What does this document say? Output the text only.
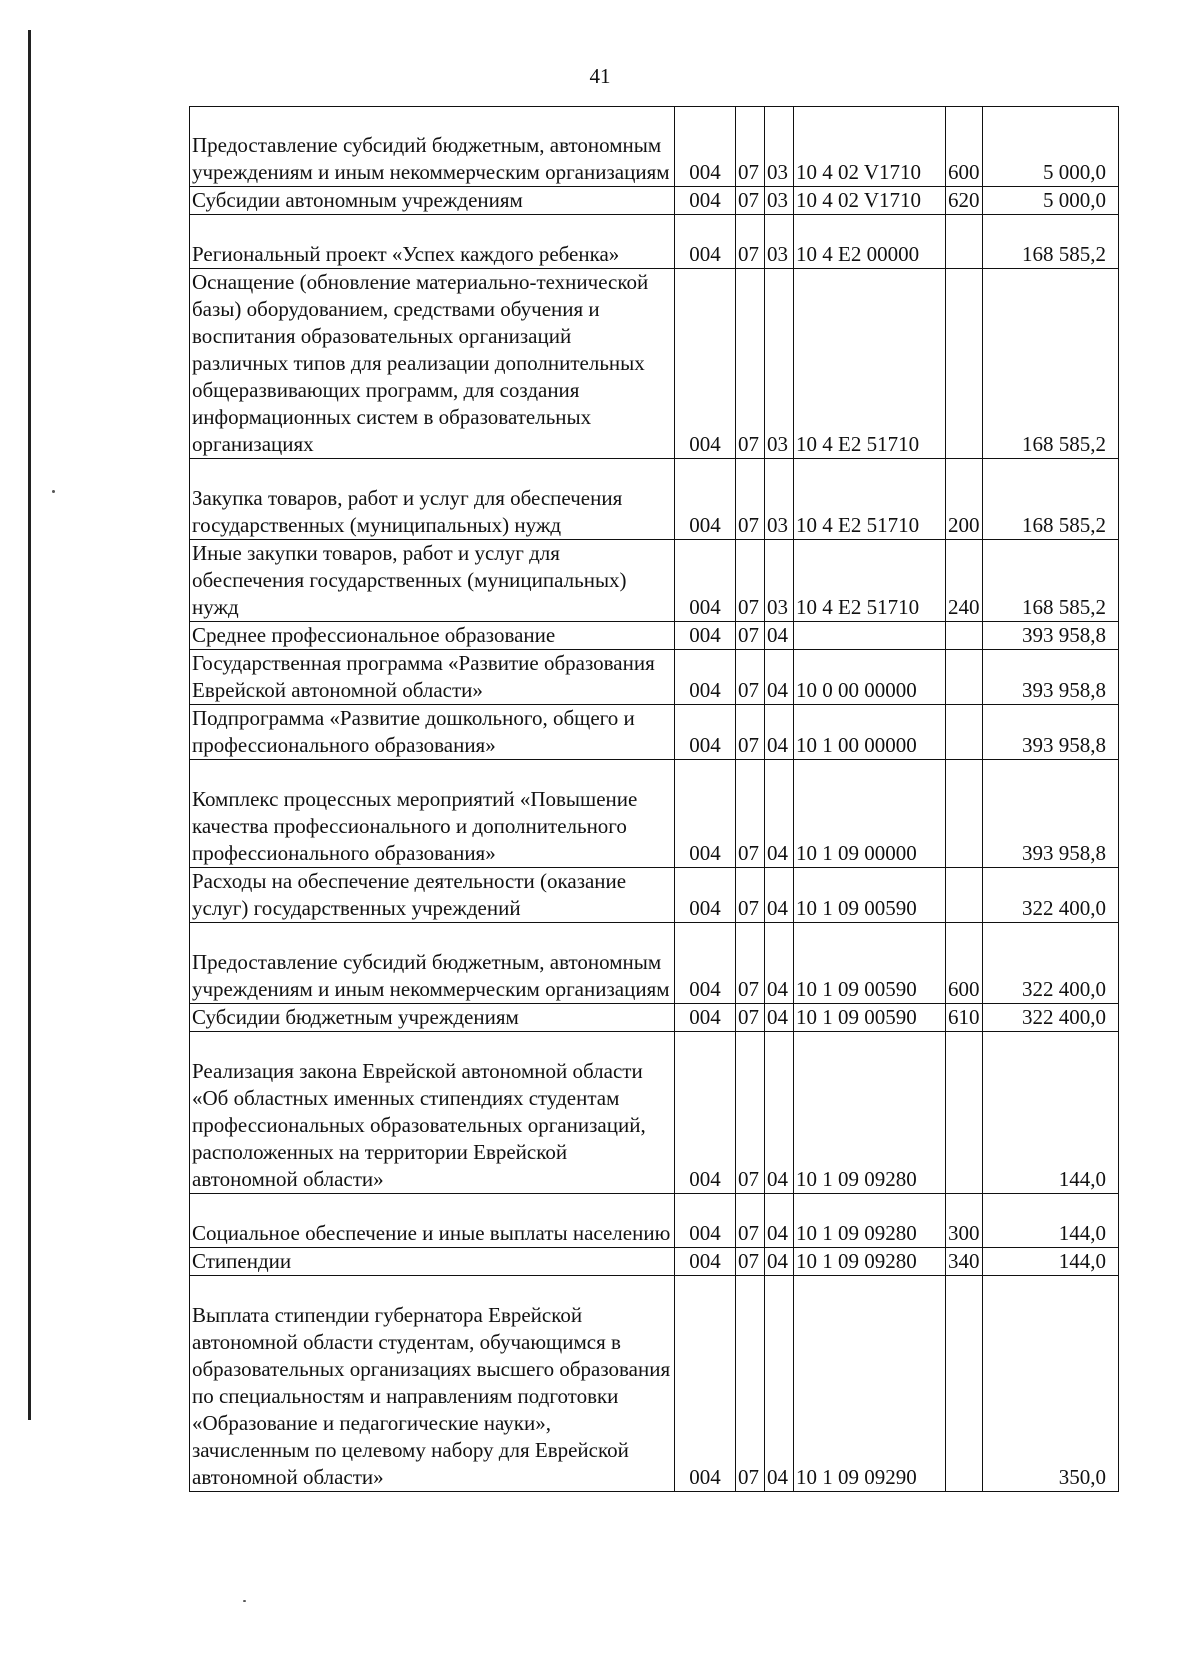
41
Предоставление субсидий бюджетным, автономным учреждениям и иным некоммерческим организациям	004	07	03	10 4 02 V1710	600	5 000,0
Субсидии автономным учреждениям	004	07	03	10 4 02 V1710	620	5 000,0
Региональный проект «Успех каждого ребенка»	004	07	03	10 4 E2 00000		168 585,2
Оснащение (обновление материально-технической базы) оборудованием, средствами обучения и воспитания образовательных организаций различных типов для реализации дополнительных общеразвивающих программ, для создания информационных систем в образовательных организациях	004	07	03	10 4 E2 51710		168 585,2
Закупка товаров, работ и услуг для обеспечения государственных (муниципальных) нужд	004	07	03	10 4 E2 51710	200	168 585,2
Иные закупки товаров, работ и услуг для обеспечения государственных (муниципальных) нужд	004	07	03	10 4 E2 51710	240	168 585,2
Среднее профессиональное образование	004	07	04			393 958,8
Государственная программа «Развитие образования Еврейской автономной области»	004	07	04	10 0 00 00000		393 958,8
Подпрограмма «Развитие дошкольного, общего и профессионального образования»	004	07	04	10 1 00 00000		393 958,8
Комплекс процессных мероприятий «Повышение качества профессионального и дополнительного профессионального образования»	004	07	04	10 1 09 00000		393 958,8
Расходы на обеспечение деятельности (оказание услуг) государственных учреждений	004	07	04	10 1 09 00590		322 400,0
Предоставление субсидий бюджетным, автономным учреждениям и иным некоммерческим организациям	004	07	04	10 1 09 00590	600	322 400,0
Субсидии бюджетным учреждениям	004	07	04	10 1 09 00590	610	322 400,0
Реализация закона Еврейской автономной области «Об областных именных стипендиях студентам профессиональных образовательных организаций, расположенных на территории Еврейской автономной области»	004	07	04	10 1 09 09280		144,0
Социальное обеспечение и иные выплаты населению	004	07	04	10 1 09 09280	300	144,0
Стипендии	004	07	04	10 1 09 09280	340	144,0
Выплата стипендии губернатора Еврейской автономной области студентам, обучающимся в образовательных организациях высшего образования по специальностям и направлениям подготовки «Образование и педагогические науки», зачисленным по целевому набору для Еврейской автономной области»	004	07	04	10 1 09 09290		350,0
